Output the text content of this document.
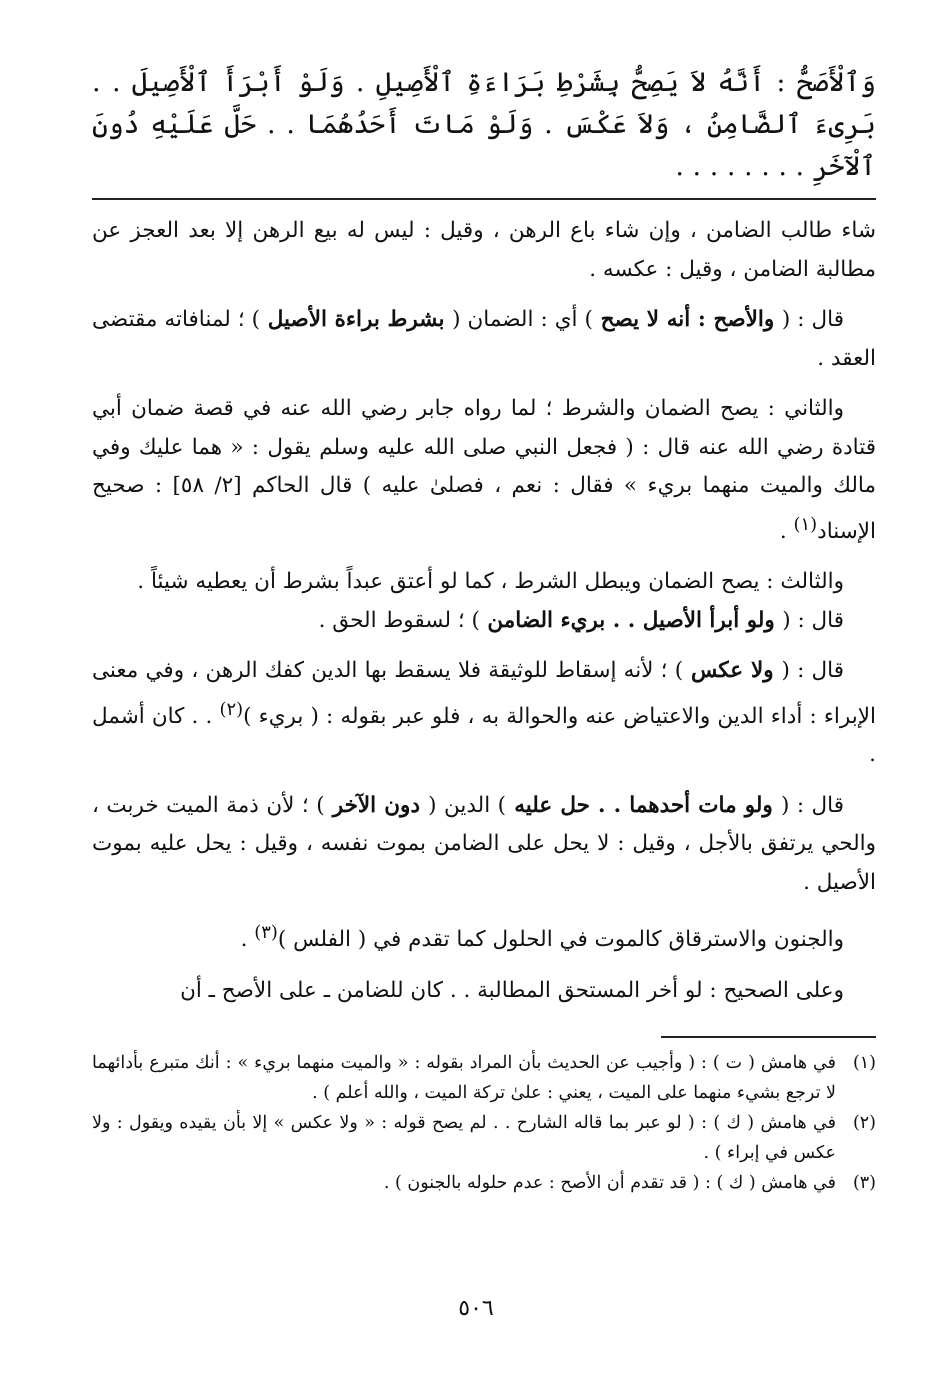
وَٱلْأَصَحُّ : أَنَّهُ لاَ يَصِحُّ بِشَرْطِ بَرَاءَةِ ٱلْأَصِيلِ . وَلَوْ أَبْرَأَ ٱلْأَصِيلَ . . بَرِىءَ ٱلضَّامِنُ ، وَلاَ عَكْسَ . وَلَوْ مَاتَ أَحَدُهُمَا . . حَلَّ عَلَيْهِ دُونَ ٱلْآخَرِ . . . . . . . .

شاء طالب الضامن ، وإن شاء باع الرهن ، وقيل : ليس له بيع الرهن إلا بعد العجز عن مطالبة الضامن ، وقيل : عكسه .

قال : ( والأصح : أنه لا يصح ) أي : الضمان ( بشرط براءة الأصيل ) ؛ لمنافاته مقتضى العقد .

والثاني : يصح الضمان والشرط ؛ لما رواه جابر رضي الله عنه في قصة ضمان أبي قتادة رضي الله عنه قال : ( فجعل النبي صلى الله عليه وسلم يقول : « هما عليك وفي مالك والميت منهما بريء » فقال : نعم ، فصلىٰ عليه ) قال الحاكم [٢/ ٥٨] : صحيح الإسناد$^{(١)}$ .

والثالث : يصح الضمان ويبطل الشرط ، كما لو أعتق عبداً بشرط أن يعطيه شيئاً .

قال : ( ولو أبرأ الأصيل . . بريء الضامن ) ؛ لسقوط الحق .

قال : ( ولا عكس ) ؛ لأنه إسقاط للوثيقة فلا يسقط بها الدين كفك الرهن ، وفي معنى الإبراء : أداء الدين والاعتياض عنه والحوالة به ، فلو عبر بقوله : ( بريء )$^{(٢)}$ . . كان أشمل .

قال : ( ولو مات أحدهما . . حل عليه ) الدين ( دون الآخر ) ؛ لأن ذمة الميت خربت ، والحي يرتفق بالأجل ، وقيل : لا يحل على الضامن بموت نفسه ، وقيل : يحل عليه بموت الأصيل .

والجنون والاسترقاق كالموت في الحلول كما تقدم في ( الفلس )$^{(٣)}$ .

وعلى الصحيح : لو أخر المستحق المطالبة . . كان للضامن ـ على الأصح ـ أن

(١)
في هامش ( ت ) : ( وأجيب عن الحديث بأن المراد بقوله : « والميت منهما بريء » : أنك متبرع بأدائهما لا ترجع بشيء منهما على الميت ، يعني : علىٰ تركة الميت ، والله أعلم ) .
(٢)
في هامش ( ك ) : ( لو عبر بما قاله الشارح . . لم يصح قوله : « ولا عكس » إلا بأن يقيده ويقول : ولا عكس في إبراء ) .
(٣)
في هامش ( ك ) : ( قد تقدم أن الأصح : عدم حلوله بالجنون ) .
٥٠٦
